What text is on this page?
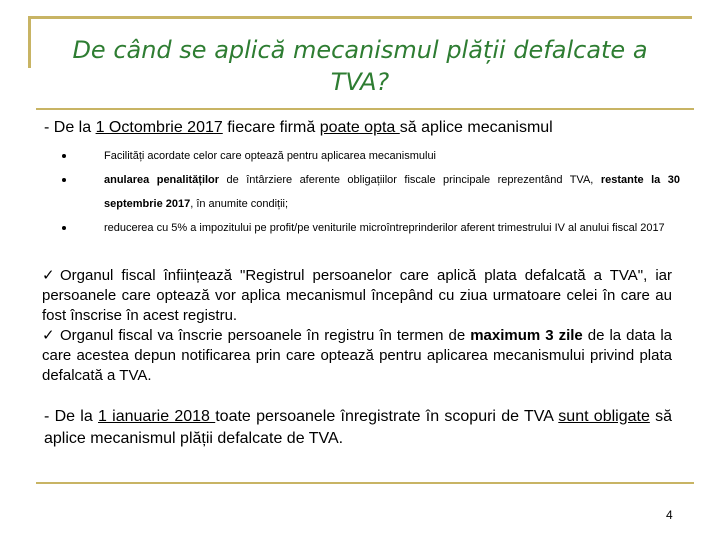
De când se aplică mecanismul plății defalcate a TVA?
- De la 1 Octombrie 2017 fiecare firmă poate opta să aplice mecanismul
Facilități acordate celor care optează pentru aplicarea mecanismului
anularea penalităților de întârziere aferente obligațiilor fiscale principale reprezentând TVA, restante la 30 septembrie 2017, în anumite condiții;
reducerea cu 5% a impozitului pe profit/pe veniturile microîntreprinderilor aferent trimestrului IV al anului fiscal 2017

✓ Organul fiscal înființează "Registrul persoanelor care aplică plata defalcată a TVA", iar persoanele care optează vor aplica mecanismul începând cu ziua urmatoare celei în care au fost înscrise în acest registru.

✓ Organul fiscal va înscrie persoanele în registru în termen de maximum 3 zile de la data la care acestea depun notificarea prin care optează pentru aplicarea mecanismului privind plata defalcată a TVA.

- De la 1 ianuarie 2018 toate persoanele înregistrate în scopuri de TVA sunt obligate să aplice mecanismul plății defalcate de TVA.
4
